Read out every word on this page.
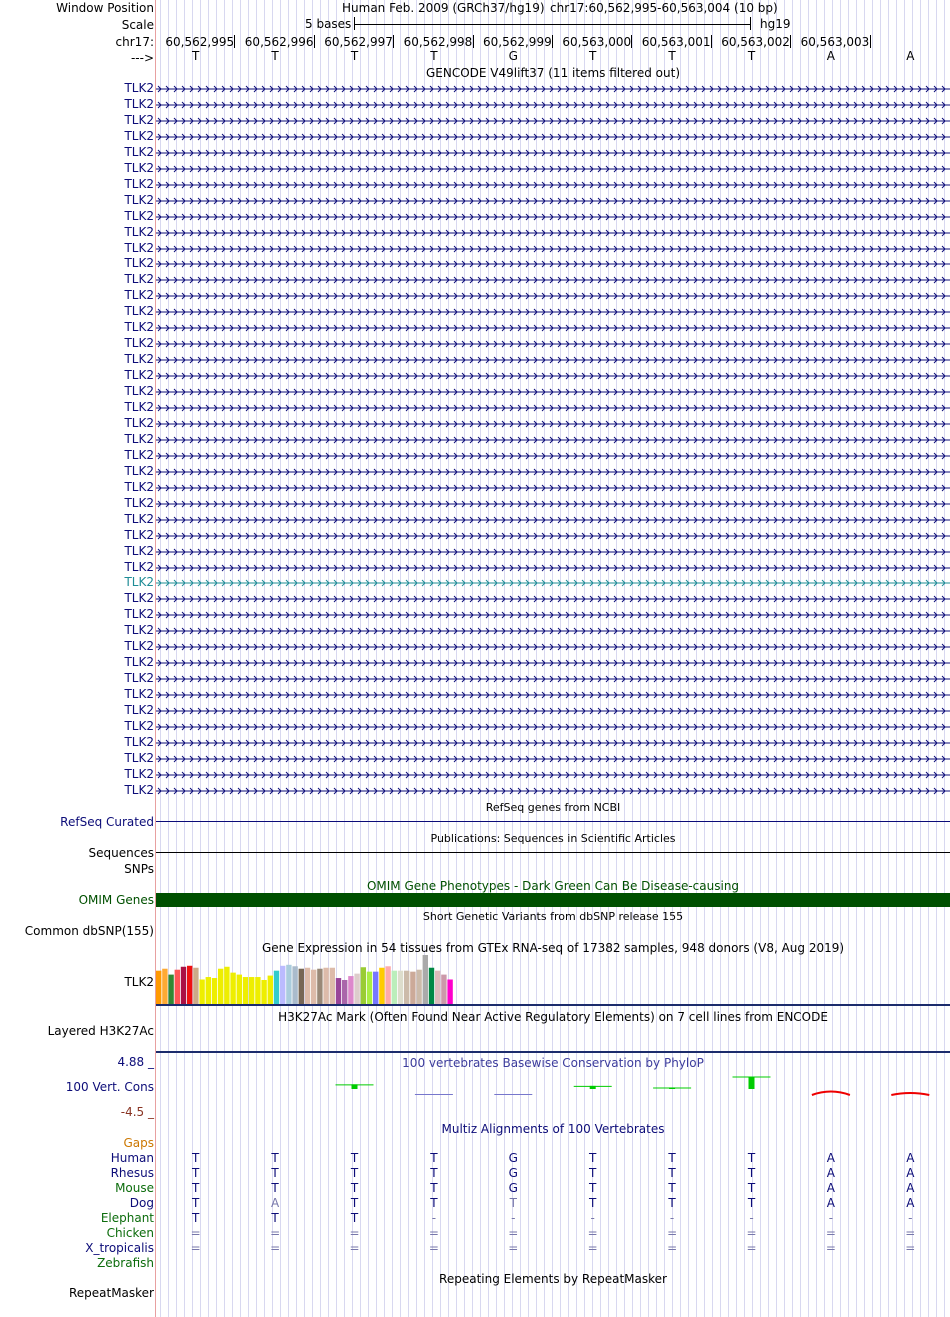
Window Position	Human Feb. 2009 (GRCh37/hg19) chr17:60,562,995-60,563,004 (10 bp)
Scale	5 bases	hg19
chr17: 60,562,995 60,562,996 60,562,997 60,562,998 60,562,999 60,563,000 60,563,001 60,563,002 60,563,003
--->	T	T	T	T	G	T	T	T	A	A
GENCODE V49lift37 (11 items filtered out)
TLK2
TLK2
TLK2
TLK2
TLK2
TLK2
TLK2
TLK2
TLK2
TLK2
TLK2
TLK2
TLK2
TLK2
TLK2
TLK2
TLK2
TLK2
TLK2
TLK2
TLK2
TLK2
TLK2
TLK2
TLK2
TLK2
TLK2
TLK2
TLK2
TLK2
TLK2
TLK2
TLK2
TLK2
TLK2
TLK2
TLK2
TLK2
TLK2
TLK2
TLK2
TLK2
TLK2
TLK2
TLK2
RefSeq genes from NCBI
RefSeq Curated
Publications: Sequences in Scientific Articles
Sequences
SNPs
OMIM Gene Phenotypes - Dark Green Can Be Disease-causing
OMIM Genes
Short Genetic Variants from dbSNP release 155
Common dbSNP(155)
Gene Expression in 54 tissues from GTEx RNA-seq of 17382 samples, 948 donors (V8, Aug 2019)
TLK2
H3K27Ac Mark (Often Found Near Active Regulatory Elements) on 7 cell lines from ENCODE
Layered H3K27Ac
100 vertebrates Basewise Conservation by PhyloP
4.88 _
100 Vert. Cons
-4.5 _
Multiz Alignments of 100 Vertebrates
Gaps
Human	T	T	T	T	G	T	T	T	A	A
Rhesus	T	T	T	T	G	T	T	T	A	A
Mouse	T	T	T	T	G	T	T	T	A	A
Dog	T	A	T	T	T	T	T	T	A	A
Elephant	T	T	T	-	-	-	-	-	-	-
Chicken	=	=	=	=	=	=	=	=	=	=
X_tropicalis	=	=	=	=	=	=	=	=	=	=
Zebrafish
Repeating Elements by RepeatMasker
RepeatMasker
